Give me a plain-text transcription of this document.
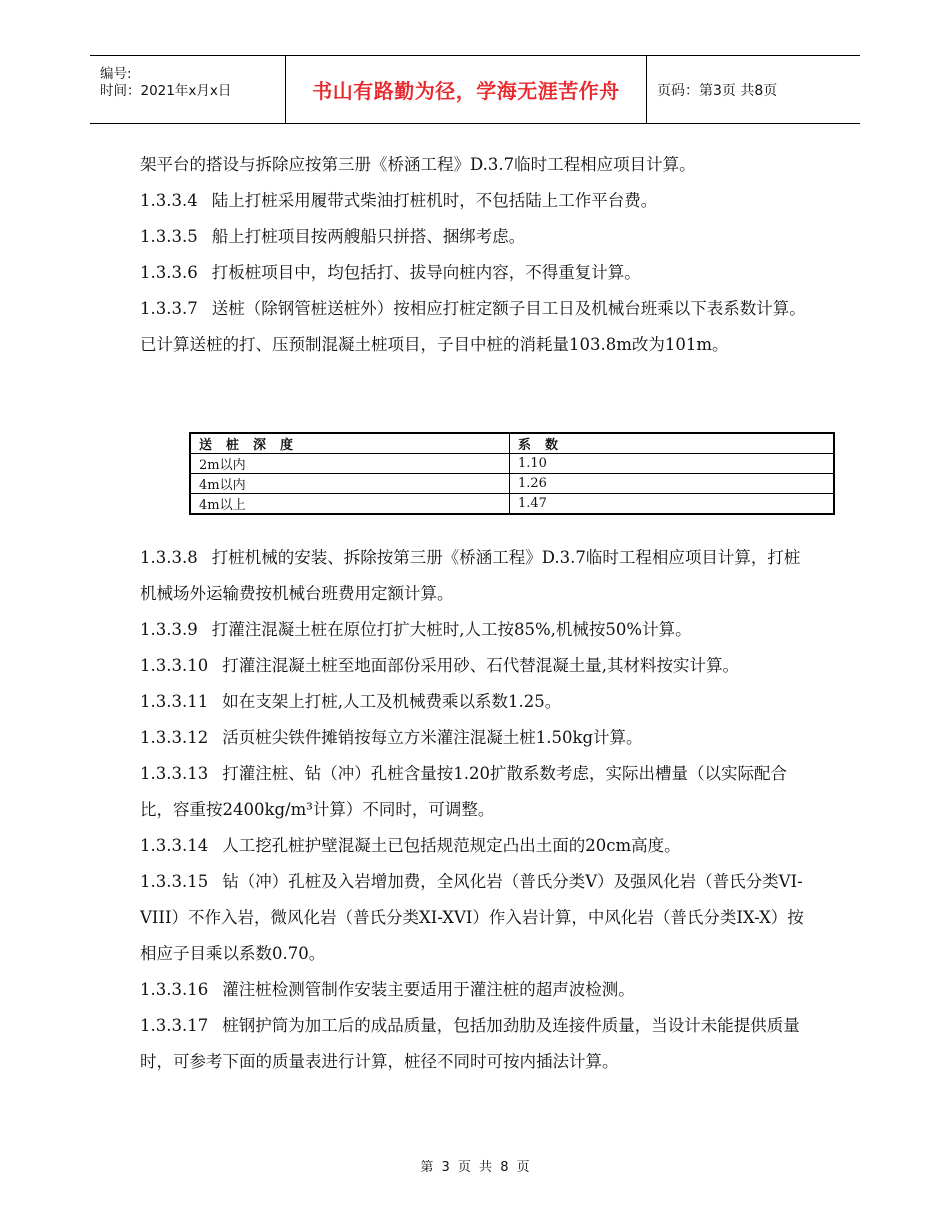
编号:
时间：2021年x月x日	书山有路勤为径，学海无涯苦作舟	页码：第3页 共8页

架平台的搭设与拆除应按第三册《桥涵工程》D.3.7临时工程相应项目计算。

1.3.3.4 陆上打桩采用履带式柴油打桩机时，不包括陆上工作平台费。

1.3.3.5 船上打桩项目按两艘船只拼搭、捆绑考虑。

1.3.3.6 打板桩项目中，均包括打、拔导向桩内容，不得重复计算。

1.3.3.7 送桩（除钢管桩送桩外）按相应打桩定额子目工日及机械台班乘以下表系数计算。已计算送桩的打、压预制混凝土桩项目，子目中桩的消耗量103.8m改为101m。

送桩深度	系数
2m以内	1.10
4m以内	1.26
4m以上	1.47

1.3.3.8 打桩机械的安装、拆除按第三册《桥涵工程》D.3.7临时工程相应项目计算，打桩机械场外运输费按机械台班费用定额计算。

1.3.3.9 打灌注混凝土桩在原位打扩大桩时,人工按85%,机械按50%计算。

1.3.3.10 打灌注混凝土桩至地面部份采用砂、石代替混凝土量,其材料按实计算。

1.3.3.11 如在支架上打桩,人工及机械费乘以系数1.25。

1.3.3.12 活页桩尖铁件摊销按每立方米灌注混凝土桩1.50kg计算。

1.3.3.13 打灌注桩、钻（冲）孔桩含量按1.20扩散系数考虑，实际出槽量（以实际配合比，容重按2400kg/m³计算）不同时，可调整。

1.3.3.14 人工挖孔桩护壁混凝土已包括规范规定凸出土面的20cm高度。

1.3.3.15 钻（冲）孔桩及入岩增加费，全风化岩（普氏分类V）及强风化岩（普氏分类VI-VIII）不作入岩，微风化岩（普氏分类XI-XVI）作入岩计算，中风化岩（普氏分类IX-X）按相应子目乘以系数0.70。

1.3.3.16 灌注桩检测管制作安装主要适用于灌注桩的超声波检测。

1.3.3.17 桩钢护筒为加工后的成品质量，包括加劲肋及连接件质量，当设计未能提供质量时，可参考下面的质量表进行计算，桩径不同时可按内插法计算。

第 3 页 共 8 页
